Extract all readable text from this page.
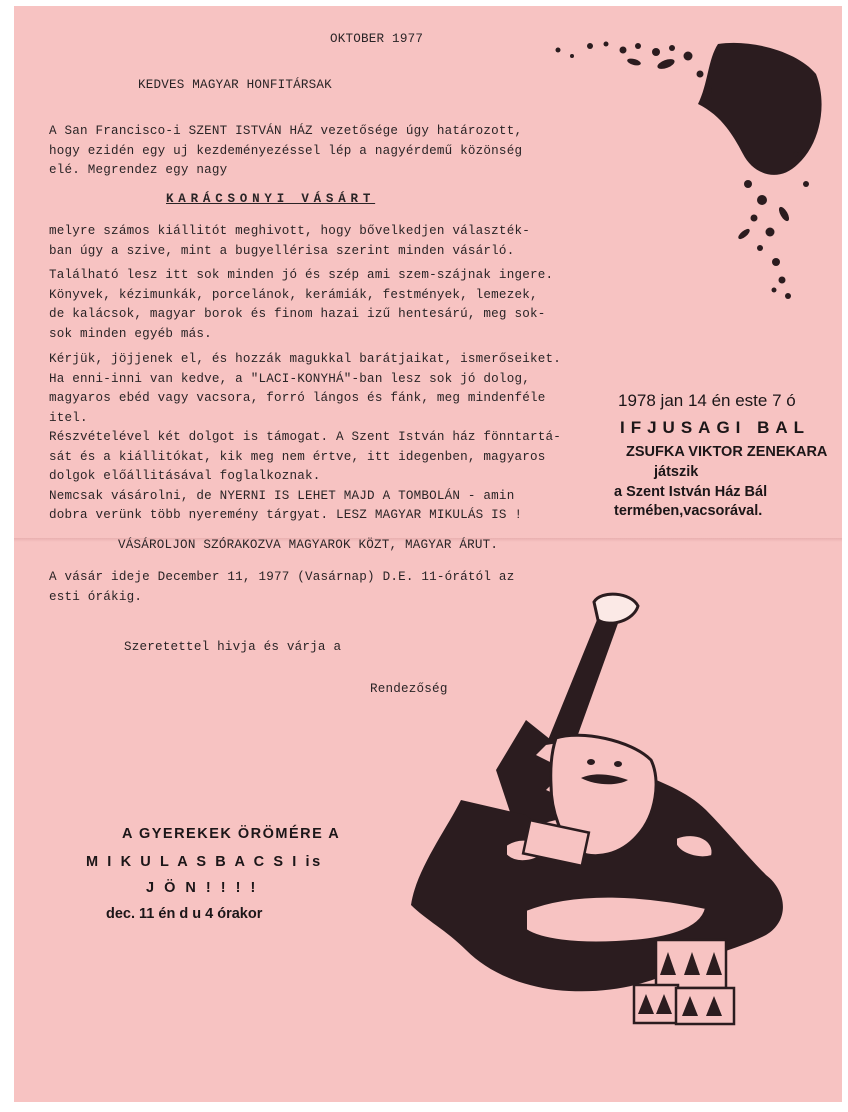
OKTOBER 1977
KEDVES MAGYAR HONFITÁRSAK
A San Francisco-i SZENT ISTVÁN HÁZ vezetősége úgy határozott,
hogy ezidén egy uj kezdeményezéssel lép a nagyérdemű közönség
elé. Megrendez egy nagy
KARÁCSONYI VÁSÁRT
melyre számos kiállitót meghivott, hogy bővelkedjen választék-
ban úgy a szive, mint a bugyellérisa szerint minden vásárló.
Található lesz itt sok minden jó és szép ami szem-szájnak ingere.
Könyvek, kézimunkák, porcelánok, kerámiák, festmények, lemezek,
de kalácsok, magyar borok és finom hazai izű hentesárú, meg sok-
sok minden egyéb más.
Kérjük, jöjjenek el, és hozzák magukkal barátjaikat, ismerőseiket.
Ha enni-inni van kedve, a "LACI-KONYHÁ"-ban lesz sok jó dolog,
magyaros ebéd vagy vacsora, forró lángos és fánk, meg mindenféle
itel.
Részvételével két dolgot is támogat. A Szent István ház fönntartá-
sát és a kiállitókat, kik meg nem értve, itt idegenben, magyaros
dolgok előállitásával foglalkoznak.
Nemcsak vásárolni, de NYERNI IS LEHET MAJD A TOMBOLÁN - amin
dobra verünk több nyeremény tárgyat. LESZ MAGYAR MIKULÁS IS !
VÁSÁROLJON SZÓRAKOZVA MAGYAROK KÖZT, MAGYAR ÁRUT.
A vásár ideje December 11, 1977 (Vasárnap) D.E. 11-órától az
esti órákig.
Szeretettel hivja és várja a
Rendezőség
1978 jan 14 én este 7 ó
IFJUSAGI BAL
ZSUFKA VIKTOR ZENEKARA
játszik
a Szent István Ház Bál
termében,vacsorával.
A GYEREKEK ÖRÖMÉRE A
M I K U L A S B A C S I is
J Ö N ! ! ! !
dec. 11 én d u 4 órakor
